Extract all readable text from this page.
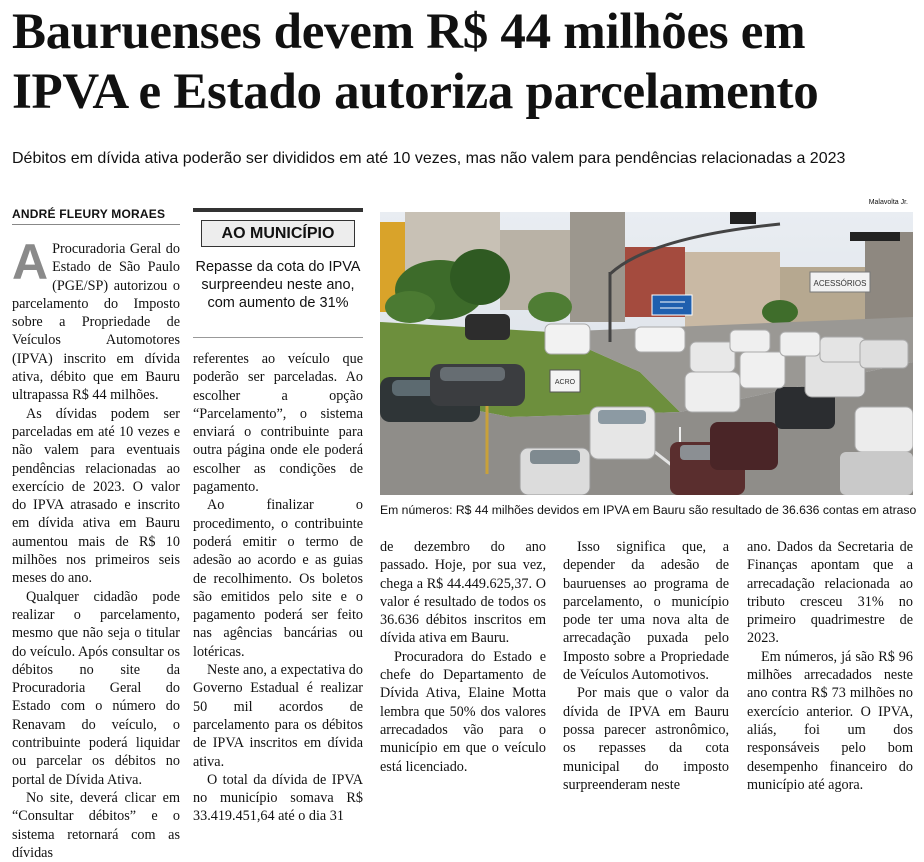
Bauruenses devem R$ 44 milhões em IPVA e Estado autoriza parcelamento

Débitos em dívida ativa poderão ser divididos em até 10 vezes, mas não valem para pendências relacionadas a 2023

ANDRÉ FLEURY MORAES

A Procuradoria Geral do Estado de São Paulo (PGE/SP) autorizou o parcelamento do Imposto sobre a Propriedade de Veículos Automotores (IPVA) inscrito em dívida ativa, débito que em Bauru ultrapassa R$ 44 milhões.

As dívidas podem ser parceladas em até 10 vezes e não valem para eventuais pendências relacionadas ao exercício de 2023. O valor do IPVA atrasado e inscrito em dívida ativa em Bauru aumentou mais de R$ 10 milhões nos primeiros seis meses do ano.

Qualquer cidadão pode realizar o parcelamento, mesmo que não seja o titular do veículo. Após consultar os débitos no site da Procuradoria Geral do Estado com o número do Renavam do veículo, o contribuinte poderá liquidar ou parcelar os débitos no portal de Dívida Ativa.

No site, deverá clicar em “Consultar débitos” e o sistema retornará com as dívidas

AO MUNICÍPIO
Repasse da cota do IPVA surpreendeu neste ano, com aumento de 31%

referentes ao veículo que poderão ser parceladas. Ao escolher a opção “Parcelamento”, o sistema enviará o contribuinte para outra página onde ele poderá escolher as condições de pagamento.

Ao finalizar o procedimento, o contribuinte poderá emitir o termo de adesão ao acordo e as guias de recolhimento. Os boletos são emitidos pelo site e o pagamento poderá ser feito nas agências bancárias ou lotéricas.

Neste ano, a expectativa do Governo Estadual é realizar 50 mil acordos de parcelamento para os débitos de IPVA inscritos em dívida ativa.

O total da dívida de IPVA no município somava R$ 33.419.451,64 até o dia 31

Malavolta Jr.
ACESSÓRIOS
ACRO
Em números: R$ 44 milhões devidos em IPVA em Bauru são resultado de 36.636 contas em atraso

de dezembro do ano passado. Hoje, por sua vez, chega a R$ 44.449.625,37. O valor é resultado de todos os 36.636 débitos inscritos em dívida ativa em Bauru.

Procuradora do Estado e chefe do Departamento de Dívida Ativa, Elaine Motta lembra que 50% dos valores arrecadados vão para o município em que o veículo está licenciado.

Isso significa que, a depender da adesão de bauruenses ao programa de parcelamento, o município pode ter uma nova alta de arrecadação puxada pelo Imposto sobre a Propriedade de Veículos Automotivos.

Por mais que o valor da dívida de IPVA em Bauru possa parecer astronômico, os repasses da cota municipal do imposto surpreenderam neste

ano. Dados da Secretaria de Finanças apontam que a arrecadação relacionada ao tributo cresceu 31% no primeiro quadrimestre de 2023.

Em números, já são R$ 96 milhões arrecadados neste ano contra R$ 73 milhões no exercício anterior. O IPVA, aliás, foi um dos responsáveis pelo bom desempenho financeiro do município até agora.
